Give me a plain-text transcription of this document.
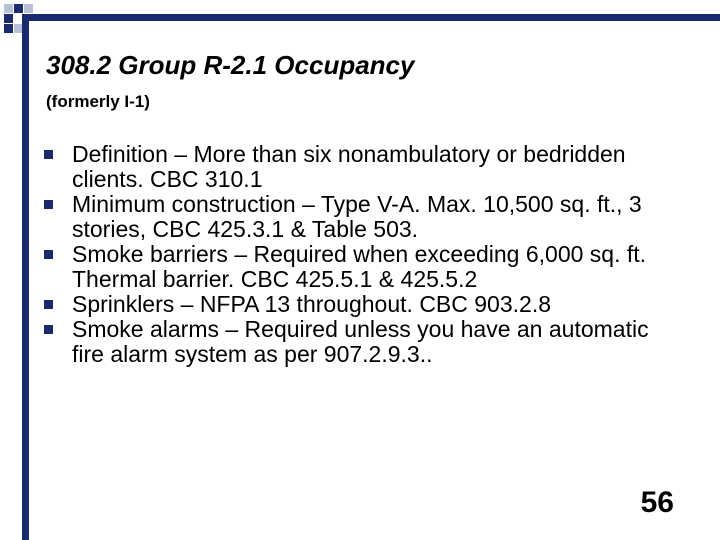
308.2 Group R-2.1 Occupancy
(formerly I-1)
Definition – More than six nonambulatory or bedridden clients. CBC 310.1
Minimum construction – Type V-A. Max. 10,500 sq. ft., 3 stories, CBC 425.3.1 & Table 503.
Smoke barriers – Required when exceeding 6,000 sq. ft. Thermal barrier. CBC 425.5.1 & 425.5.2
Sprinklers – NFPA 13 throughout. CBC 903.2.8
Smoke alarms – Required unless you have an automatic fire alarm system as per 907.2.9.3..
56
